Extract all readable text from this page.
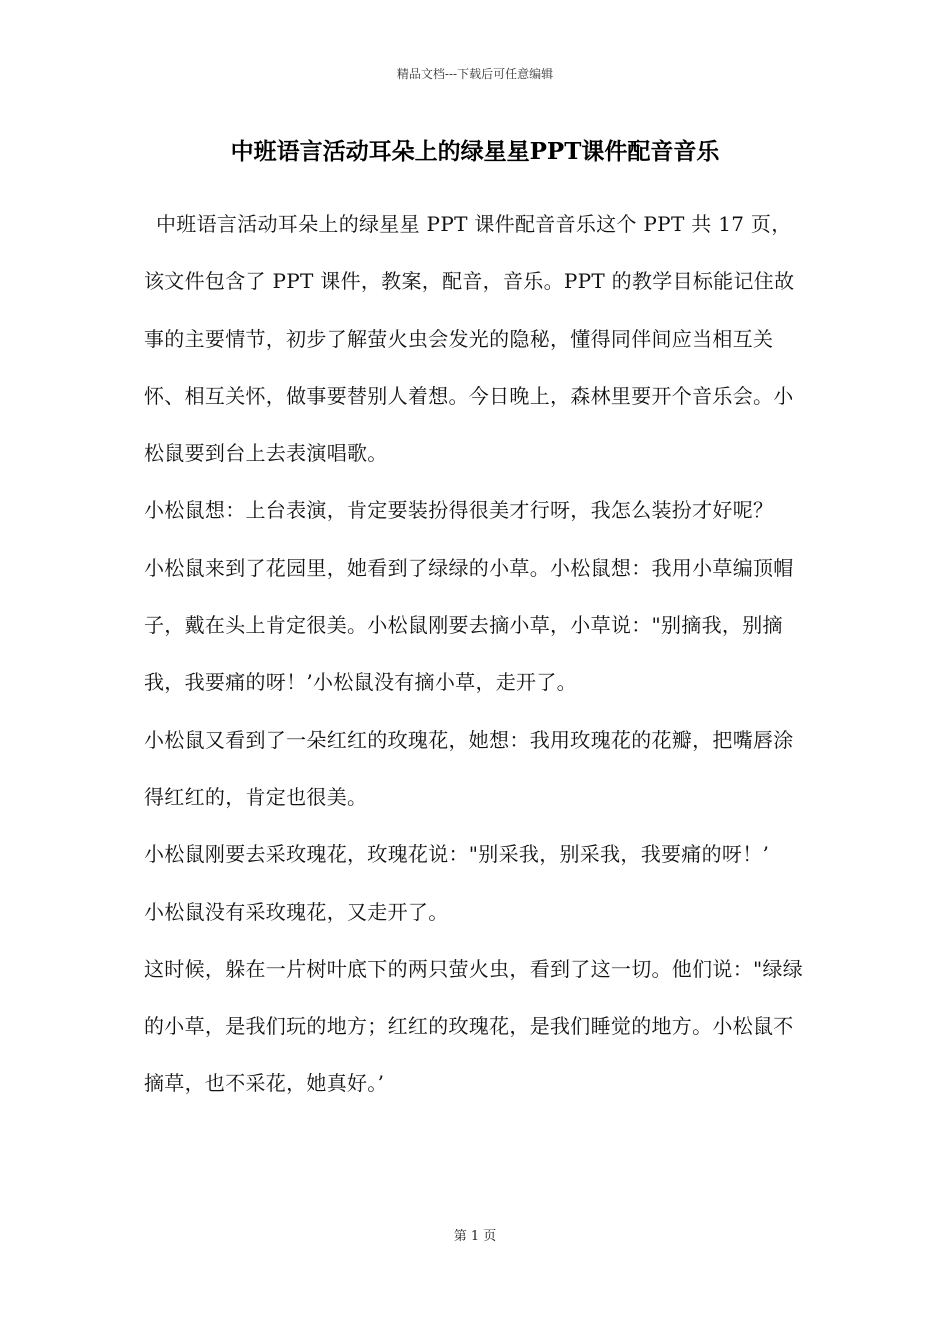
精品文档---下载后可任意编辑
中班语言活动耳朵上的绿星星PPT课件配音音乐

中班语言活动耳朵上的绿星星 PPT 课件配音音乐这个 PPT 共 17 页，该文件包含了 PPT 课件，教案，配音，音乐。PPT 的教学目标能记住故事的主要情节，初步了解萤火虫会发光的隐秘，懂得同伴间应当相互关怀、相互关怀，做事要替别人着想。今日晚上，森林里要开个音乐会。小松鼠要到台上去表演唱歌。

小松鼠想：上台表演，肯定要装扮得很美才行呀，我怎么装扮才好呢？

小松鼠来到了花园里，她看到了绿绿的小草。小松鼠想：我用小草编顶帽子，戴在头上肯定很美。小松鼠刚要去摘小草，小草说："别摘我，别摘我，我要痛的呀！’小松鼠没有摘小草，走开了。

小松鼠又看到了一朵红红的玫瑰花，她想：我用玫瑰花的花瓣，把嘴唇涂得红红的，肯定也很美。

小松鼠刚要去采玫瑰花，玫瑰花说："别采我，别采我，我要痛的呀！’

小松鼠没有采玫瑰花，又走开了。

这时候，躲在一片树叶底下的两只萤火虫，看到了这一切。他们说："绿绿的小草，是我们玩的地方；红红的玫瑰花，是我们睡觉的地方。小松鼠不摘草，也不采花，她真好。’

第 1 页
